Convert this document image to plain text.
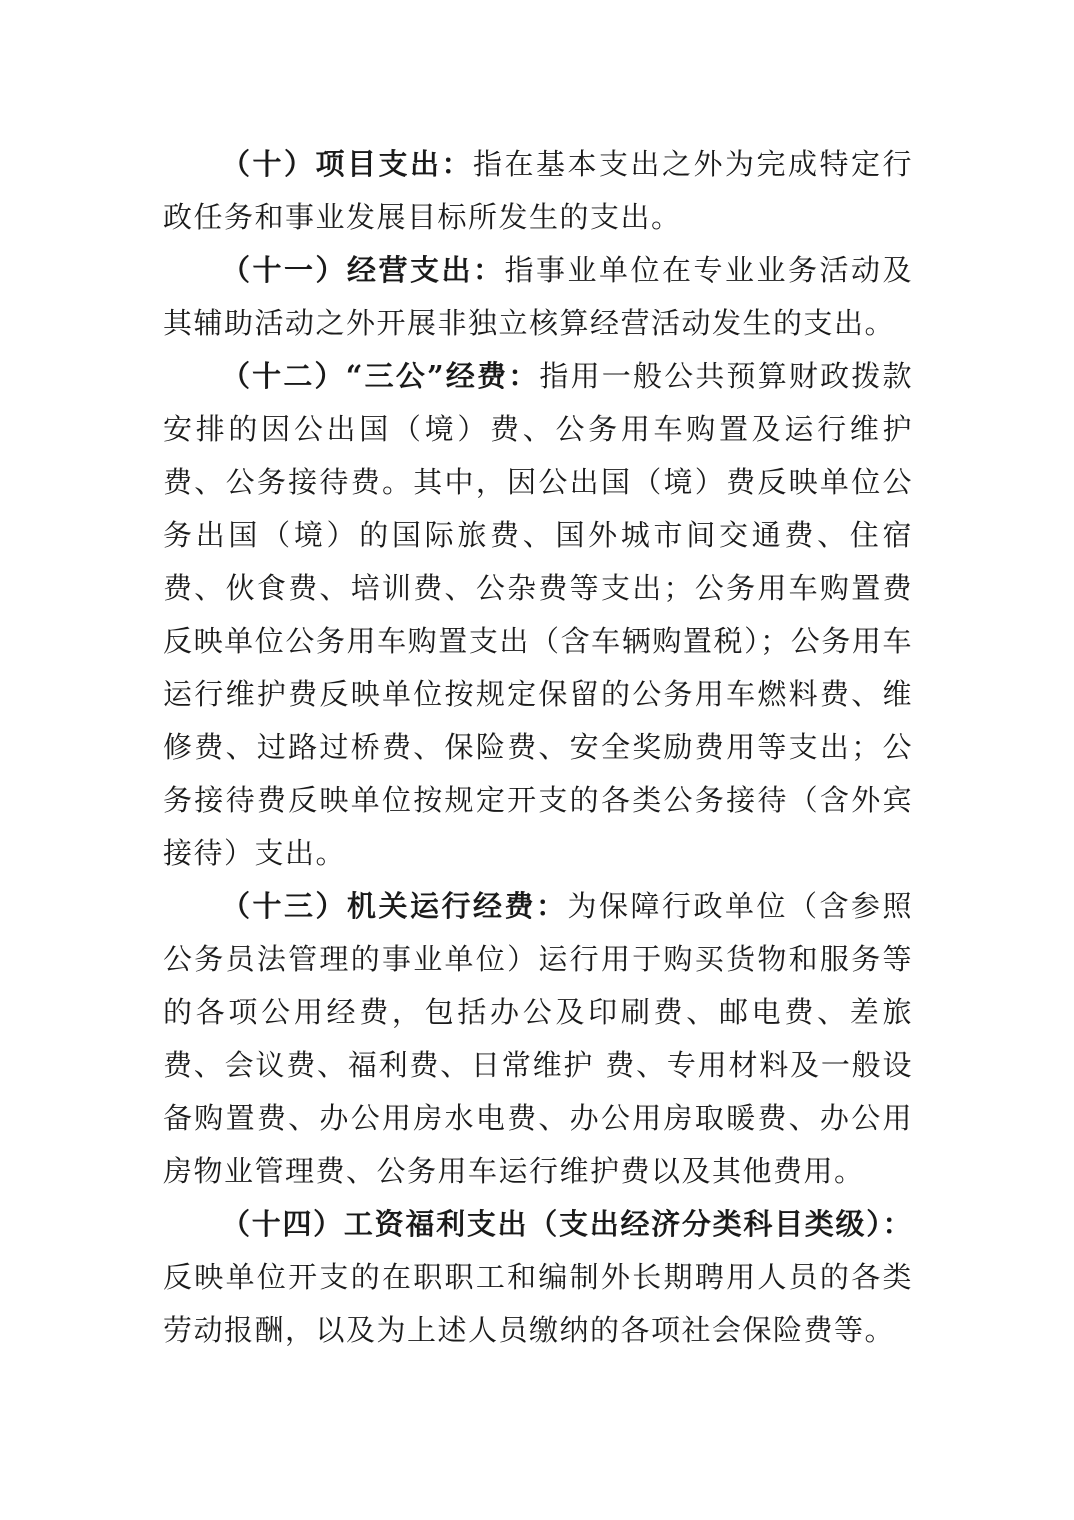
（十）项目支出：指在基本支出之外为完成特定行政任务和事业发展目标所发生的支出。

（十一）经营支出：指事业单位在专业业务活动及其辅助活动之外开展非独立核算经营活动发生的支出。

（十二）“三公”经费：指用一般公共预算财政拨款安排的因公出国（境）费、公务用车购置及运行维护费、公务接待费。其中，因公出国（境）费反映单位公务出国（境）的国际旅费、国外城市间交通费、住宿费、伙食费、培训费、公杂费等支出；公务用车购置费反映单位公务用车购置支出（含车辆购置税）；公务用车运行维护费反映单位按规定保留的公务用车燃料费、维修费、过路过桥费、保险费、安全奖励费用等支出；公务接待费反映单位按规定开支的各类公务接待（含外宾接待）支出。

（十三）机关运行经费：为保障行政单位（含参照公务员法管理的事业单位）运行用于购买货物和服务等的各项公用经费，包括办公及印刷费、邮电费、差旅费、会议费、福利费、日常维护 费、专用材料及一般设备购置费、办公用房水电费、办公用房取暖费、办公用房物业管理费、公务用车运行维护费以及其他费用。

（十四）工资福利支出（支出经济分类科目类级）：反映单位开支的在职职工和编制外长期聘用人员的各类劳动报酬，以及为上述人员缴纳的各项社会保险费等。
